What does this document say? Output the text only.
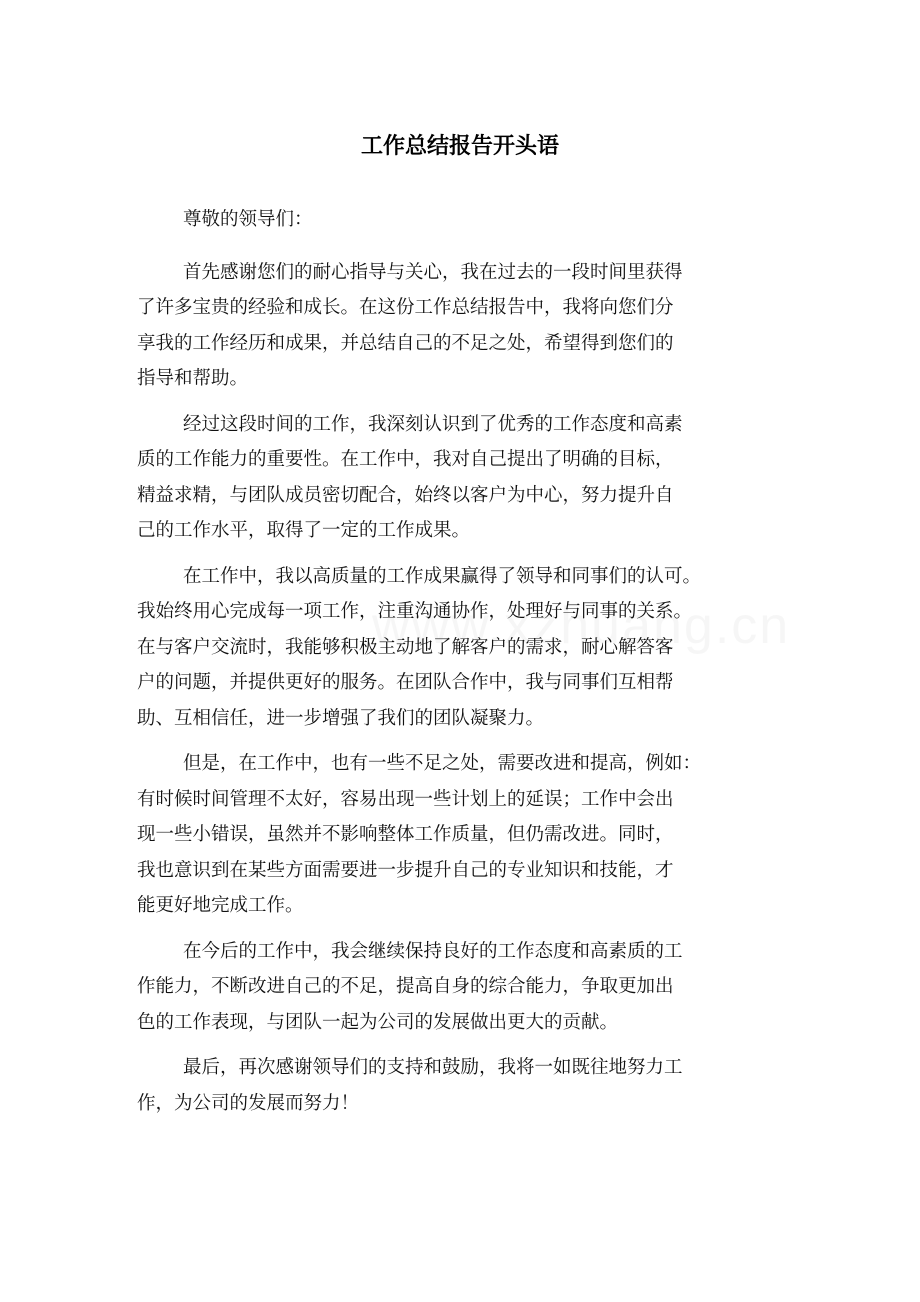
工作总结报告开头语
尊敬的领导们：
首先感谢您们的耐心指导与关心，我在过去的一段时间里获得
了许多宝贵的经验和成长。在这份工作总结报告中，我将向您们分
享我的工作经历和成果，并总结自己的不足之处，希望得到您们的
指导和帮助。
经过这段时间的工作，我深刻认识到了优秀的工作态度和高素
质的工作能力的重要性。在工作中，我对自己提出了明确的目标，
精益求精，与团队成员密切配合，始终以客户为中心，努力提升自
己的工作水平，取得了一定的工作成果。
在工作中，我以高质量的工作成果赢得了领导和同事们的认可。
我始终用心完成每一项工作，注重沟通协作，处理好与同事的关系。
在与客户交流时，我能够积极主动地了解客户的需求，耐心解答客
户的问题，并提供更好的服务。在团队合作中，我与同事们互相帮
助、互相信任，进一步增强了我们的团队凝聚力。
但是，在工作中，也有一些不足之处，需要改进和提高，例如：
有时候时间管理不太好，容易出现一些计划上的延误；工作中会出
现一些小错误，虽然并不影响整体工作质量，但仍需改进。同时，
我也意识到在某些方面需要进一步提升自己的专业知识和技能，才
能更好地完成工作。
在今后的工作中，我会继续保持良好的工作态度和高素质的工
作能力，不断改进自己的不足，提高自身的综合能力，争取更加出
色的工作表现，与团队一起为公司的发展做出更大的贡献。
最后，再次感谢领导们的支持和鼓励，我将一如既往地努力工
作，为公司的发展而努力！
